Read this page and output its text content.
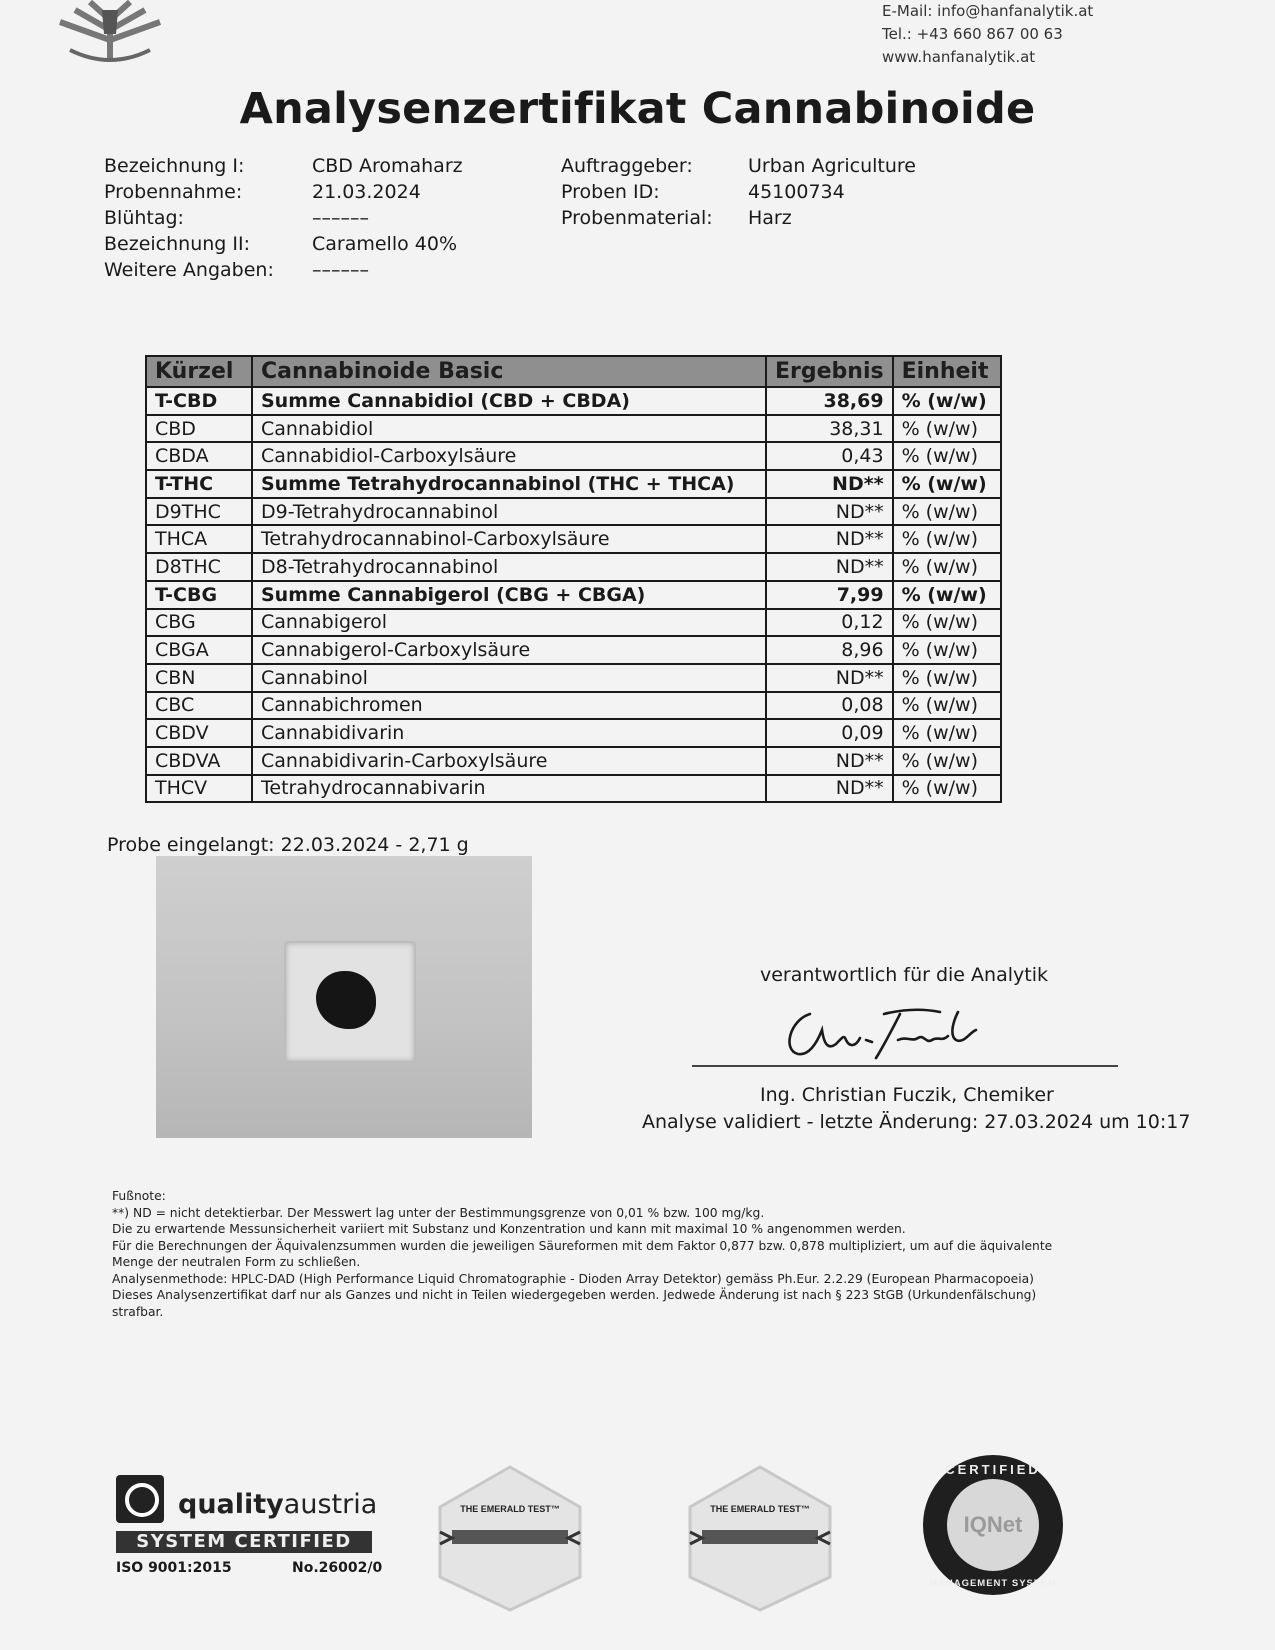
E-Mail: info@hanfanalytik.at
Tel.: +43 660 867 00 63
www.hanfanalytik.at
Analysenzertifikat Cannabinoide
Bezeichnung I:	CBD Aromaharz
Probennahme:	21.03.2024
Blühtag:	––––––
Bezeichnung II:	Caramello 40%
Weitere Angaben: ––––––
Auftraggeber:	Urban Agriculture
Proben ID:	45100734
Probenmaterial: Harz
Kürzel	Cannabinoide Basic	Ergebnis	Einheit
T-CBD	Summe Cannabidiol (CBD + CBDA)	38,69	% (w/w)
CBD	Cannabidiol	38,31	% (w/w)
CBDA	Cannabidiol-Carboxylsäure	0,43	% (w/w)
T-THC	Summe Tetrahydrocannabinol (THC + THCA)	ND**	% (w/w)
D9THC	D9-Tetrahydrocannabinol	ND**	% (w/w)
THCA	Tetrahydrocannabinol-Carboxylsäure	ND**	% (w/w)
D8THC	D8-Tetrahydrocannabinol	ND**	% (w/w)
T-CBG	Summe Cannabigerol (CBG + CBGA)	7,99	% (w/w)
CBG	Cannabigerol	0,12	% (w/w)
CBGA	Cannabigerol-Carboxylsäure	8,96	% (w/w)
CBN	Cannabinol	ND**	% (w/w)
CBC	Cannabichromen	0,08	% (w/w)
CBDV	Cannabidivarin	0,09	% (w/w)
CBDVA	Cannabidivarin-Carboxylsäure	ND**	% (w/w)
THCV	Tetrahydrocannabivarin	ND**	% (w/w)
Probe eingelangt: 22.03.2024 - 2,71 g
verantwortlich für die Analytik
Ing. Christian Fuczik, Chemiker
Analyse validiert - letzte Änderung: 27.03.2024 um 10:17
Fußnote:
**) ND = nicht detektierbar. Der Messwert lag unter der Bestimmungsgrenze von 0,01 % bzw. 100 mg/kg.
Die zu erwartende Messunsicherheit variiert mit Substanz und Konzentration und kann mit maximal 10 % angenommen werden.
Für die Berechnungen der Äquivalenzsummen wurden die jeweiligen Säureformen mit dem Faktor 0,877 bzw. 0,878 multipliziert, um auf die äquivalente
Menge der neutralen Form zu schließen.
Analysenmethode: HPLC-DAD (High Performance Liquid Chromatographie - Dioden Array Detektor) gemäss Ph.Eur. 2.2.29 (European Pharmacopoeia)
Dieses Analysenzertifikat darf nur als Ganzes und nicht in Teilen wiedergegeben werden. Jedwede Änderung ist nach § 223 StGB (Urkundenfälschung)
strafbar.
qualityaustria
SYSTEM CERTIFIED
ISO 9001:2015	No.26002/0
THE EMERALD TEST™	THE EMERALD TEST™
CERTIFIED
IQNet
MANAGEMENT SYSTEM
